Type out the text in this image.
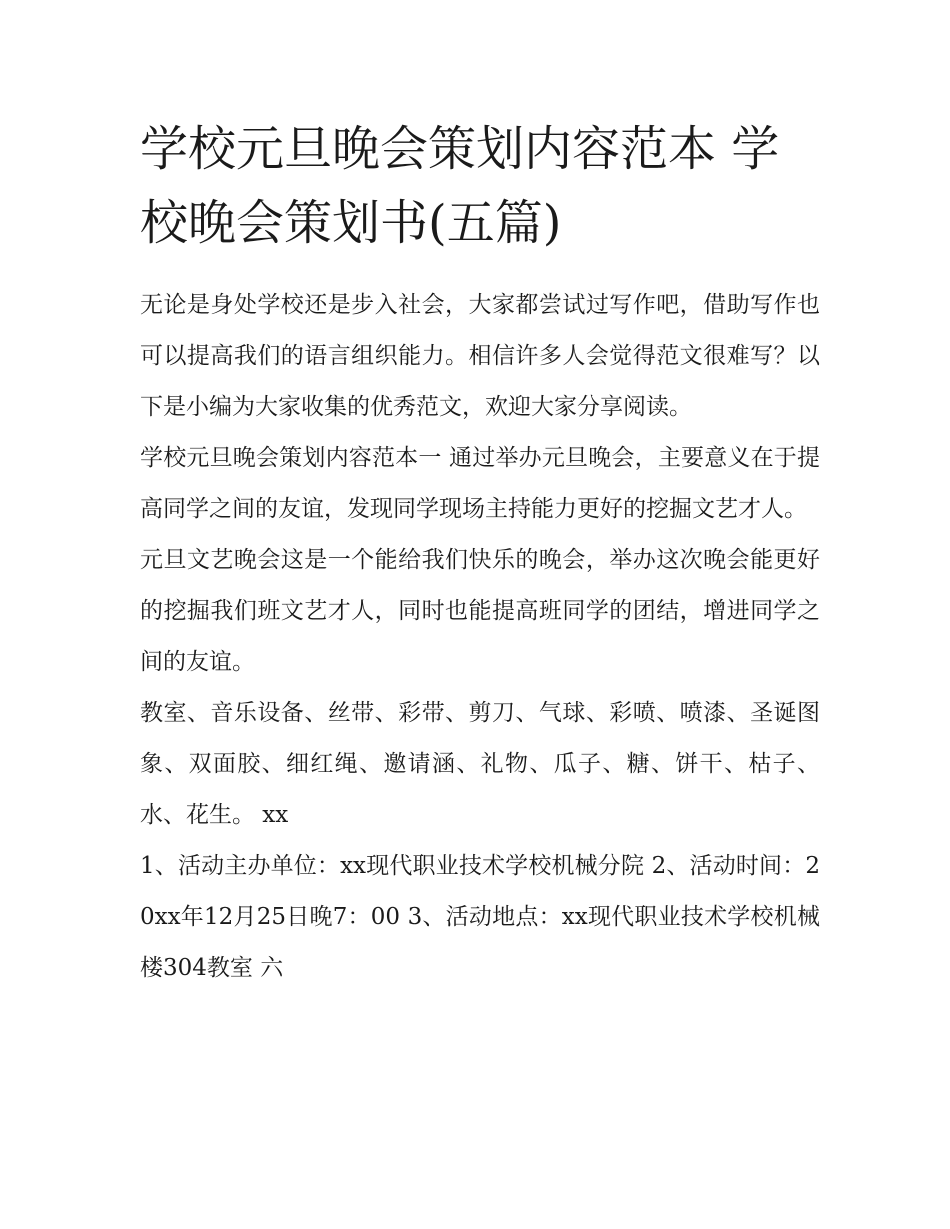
学校元旦晚会策划内容范本 学校晚会策划书(五篇)

无论是身处学校还是步入社会，大家都尝试过写作吧，借助写作也可以提高我们的语言组织能力。相信许多人会觉得范文很难写？以下是小编为大家收集的优秀范文，欢迎大家分享阅读。

学校元旦晚会策划内容范本一 通过举办元旦晚会，主要意义在于提高同学之间的友谊，发现同学现场主持能力更好的挖掘文艺才人。

元旦文艺晚会这是一个能给我们快乐的晚会，举办这次晚会能更好的挖掘我们班文艺才人，同时也能提高班同学的团结，增进同学之间的友谊。

教室、音乐设备、丝带、彩带、剪刀、气球、彩喷、喷漆、圣诞图象、双面胶、细红绳、邀请涵、礼物、瓜子、糖、饼干、枯子、水、花生。 xx

1、活动主办单位：xx现代职业技术学校机械分院 2、活动时间：20xx年12月25日晚7：00 3、活动地点：xx现代职业技术学校机械楼304教室 六
